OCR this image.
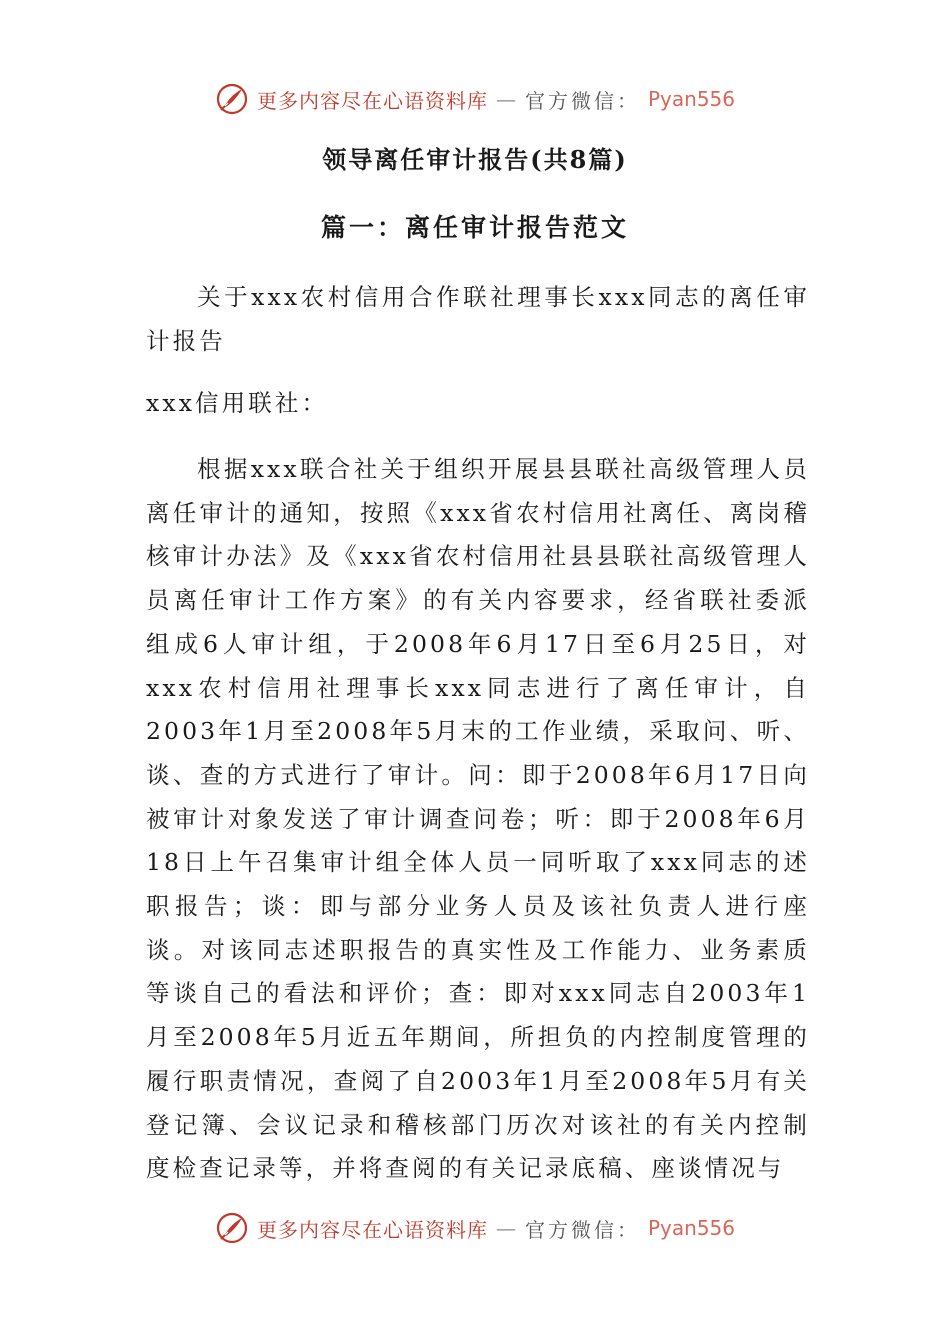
更多内容尽在心语资料库 — 官方微信： Pyan556
领导离任审计报告(共8篇)
篇一：离任审计报告范文

关于xxx农村信用合作联社理事长xxx同志的离任审计报告

xxx信用联社：

根据xxx联合社关于组织开展县县联社高级管理人员离任审计的通知，按照《xxx省农村信用社离任、离岗稽核审计办法》及《xxx省农村信用社县县联社高级管理人员离任审计工作方案》的有关内容要求，经省联社委派组成6人审计组，于2008年6月17日至6月25日，对xxx农村信用社理事长xxx同志进行了离任审计，自2003年1月至2008年5月末的工作业绩，采取问、听、谈、查的方式进行了审计。问：即于2008年6月17日向被审计对象发送了审计调查问卷；听：即于2008年6月18日上午召集审计组全体人员一同听取了xxx同志的述职报告；谈：即与部分业务人员及该社负责人进行座谈。对该同志述职报告的真实性及工作能力、业务素质等谈自己的看法和评价；查：即对xxx同志自2003年1月至2008年5月近五年期间，所担负的内控制度管理的履行职责情况，查阅了自2003年1月至2008年5月有关登记簿、会议记录和稽核部门历次对该社的有关内控制度检查记录等，并将查阅的有关记录底稿、座谈情况与

更多内容尽在心语资料库 — 官方微信： Pyan556
